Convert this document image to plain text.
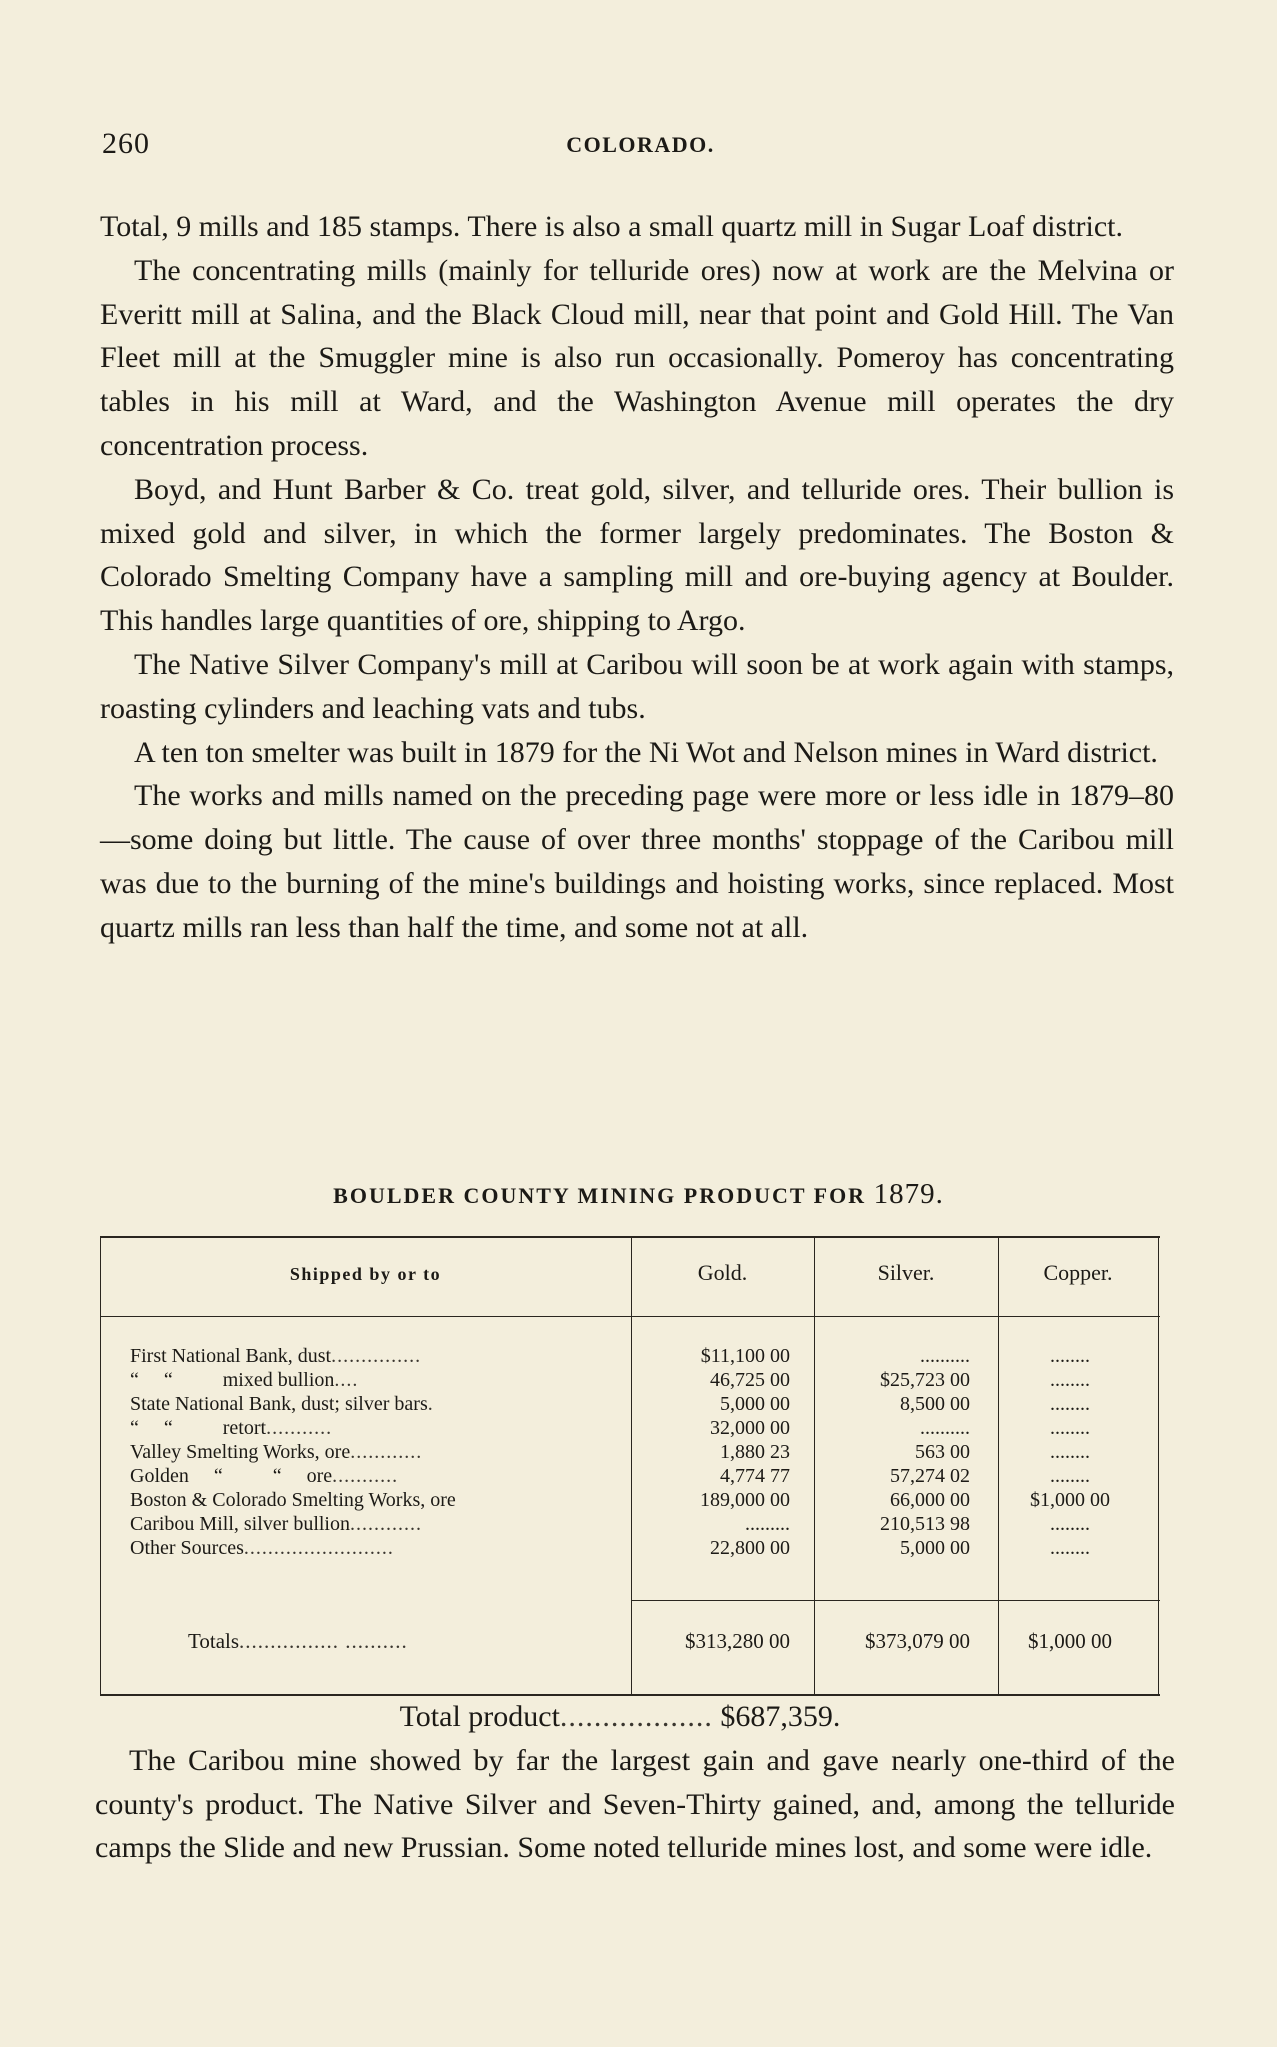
260	COLORADO.

Total, 9 mills and 185 stamps. There is also a small quartz mill in Sugar Loaf district.

The concentrating mills (mainly for telluride ores) now at work are the Melvina or Everitt mill at Salina, and the Black Cloud mill, near that point and Gold Hill. The Van Fleet mill at the Smuggler mine is also run occasionally. Pomeroy has concentrating tables in his mill at Ward, and the Washington Avenue mill operates the dry concentration process.

Boyd, and Hunt Barber & Co. treat gold, silver, and telluride ores. Their bullion is mixed gold and silver, in which the former largely predominates. The Boston & Colorado Smelting Company have a sampling mill and ore-buying agency at Boulder. This handles large quantities of ore, shipping to Argo.

The Native Silver Company's mill at Caribou will soon be at work again with stamps, roasting cylinders and leaching vats and tubs.

A ten ton smelter was built in 1879 for the Ni Wot and Nelson mines in Ward district.

The works and mills named on the preceding page were more or less idle in 1879–80—some doing but little. The cause of over three months' stoppage of the Caribou mill was due to the burning of the mine's buildings and hoisting works, since replaced. Most quartz mills ran less than half the time, and some not at all.

BOULDER COUNTY MINING PRODUCT FOR 1879.
Shipped by or to	Gold.	Silver.	Copper.
First National Bank, dust...............	$11,100 00	..........	........
“     “          mixed bullion....	46,725 00	$25,723 00	........
State National Bank, dust; silver bars.	5,000 00	8,500 00	........
“     “          retort...........	32,000 00	..........	........
Valley Smelting Works, ore............	1,880 23	563 00	........
Golden     “          “     ore...........	4,774 77	57,274 02	........
Boston & Colorado Smelting Works, ore	189,000 00	66,000 00	$1,000 00
Caribou Mill, silver bullion............	.........	210,513 98	........
Other Sources.........................	22,800 00	5,000 00	........
Totals................ ..........	$313,280 00	$373,079 00	$1,000 00

Total product.................. $687,359.

The Caribou mine showed by far the largest gain and gave nearly one-third of the county's product. The Native Silver and Seven-Thirty gained, and, among the telluride camps the Slide and new Prussian. Some noted telluride mines lost, and some were idle.
